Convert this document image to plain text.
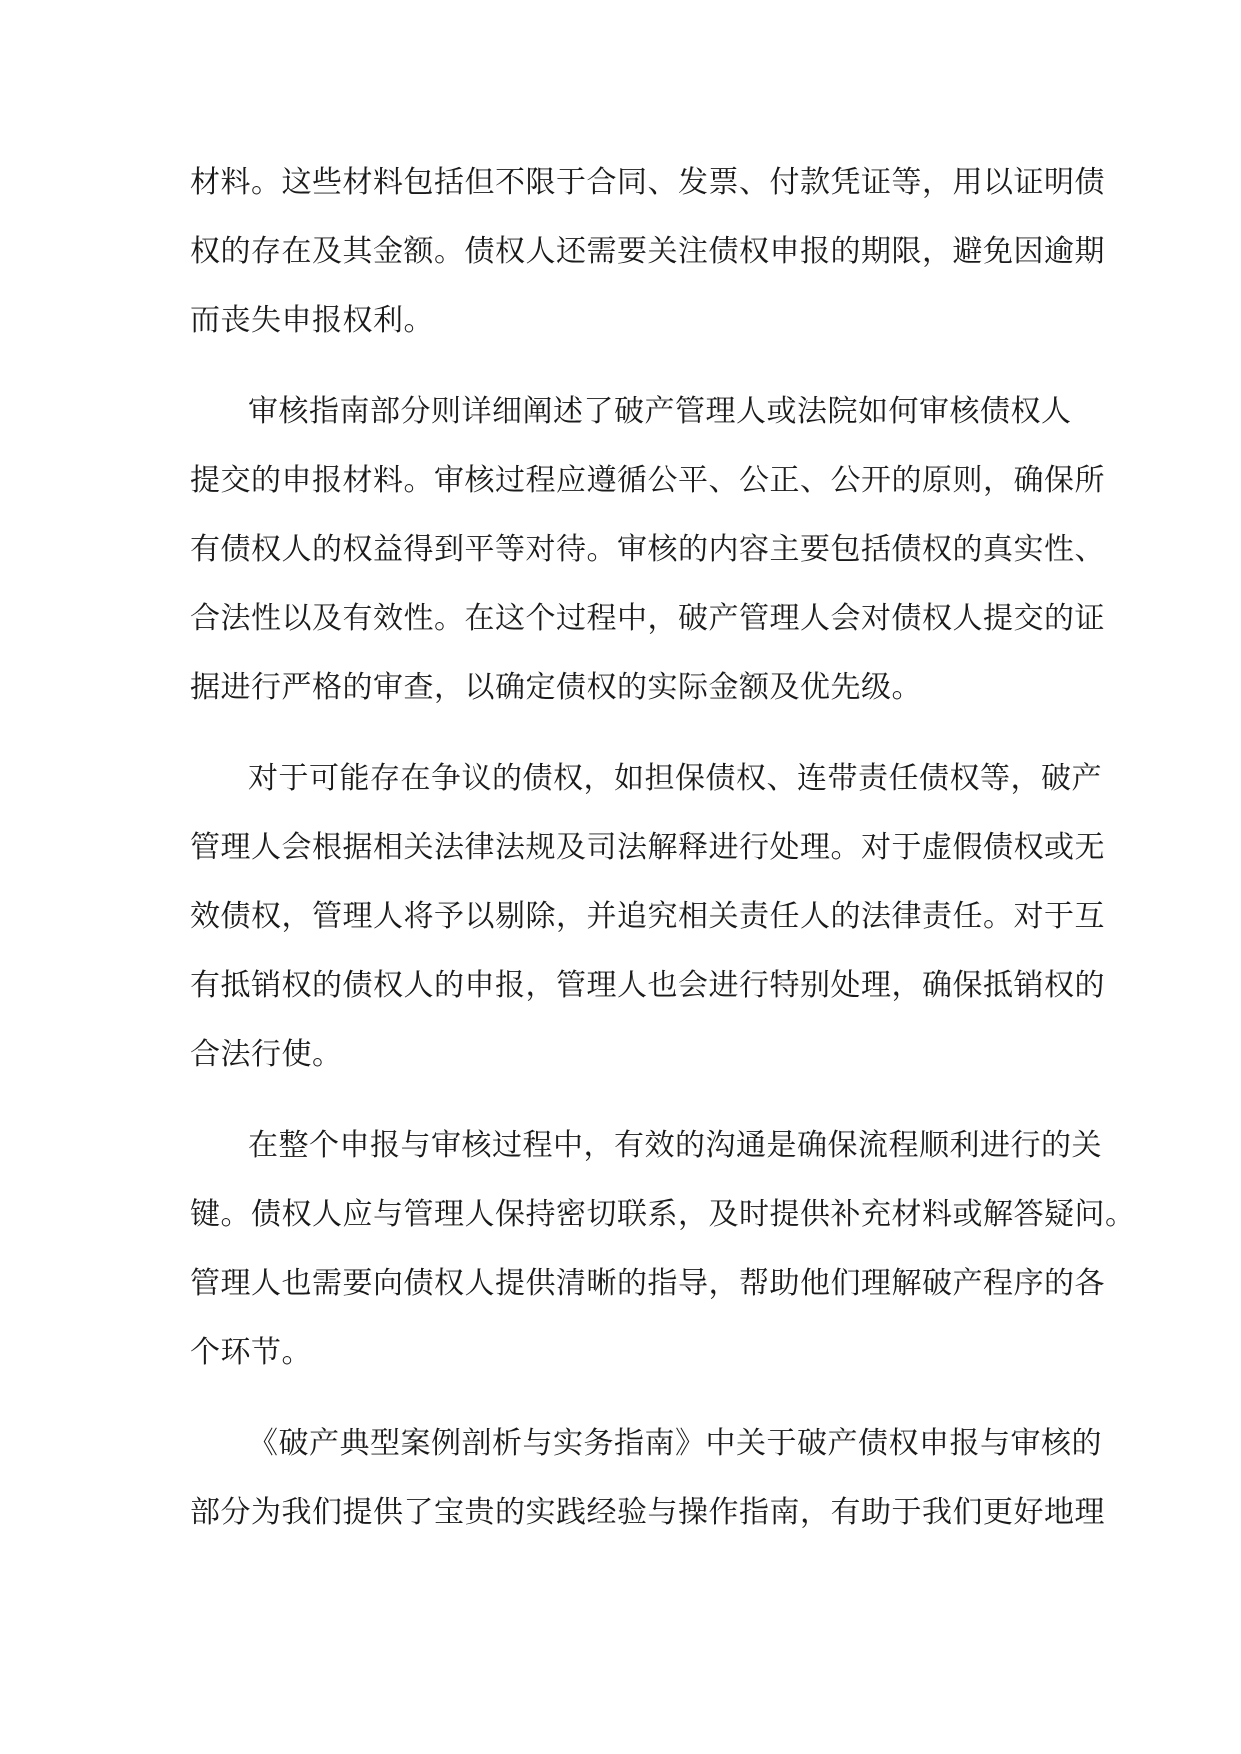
材料。这些材料包括但不限于合同、发票、付款凭证等，用以证明债
权的存在及其金额。债权人还需要关注债权申报的期限，避免因逾期
而丧失申报权利。
审核指南部分则详细阐述了破产管理人或法院如何审核债权人
提交的申报材料。审核过程应遵循公平、公正、公开的原则，确保所
有债权人的权益得到平等对待。审核的内容主要包括债权的真实性、
合法性以及有效性。在这个过程中，破产管理人会对债权人提交的证
据进行严格的审查，以确定债权的实际金额及优先级。
对于可能存在争议的债权，如担保债权、连带责任债权等，破产
管理人会根据相关法律法规及司法解释进行处理。对于虚假债权或无
效债权，管理人将予以剔除，并追究相关责任人的法律责任。对于互
有抵销权的债权人的申报，管理人也会进行特别处理，确保抵销权的
合法行使。
在整个申报与审核过程中，有效的沟通是确保流程顺利进行的关
键。债权人应与管理人保持密切联系，及时提供补充材料或解答疑问。
管理人也需要向债权人提供清晰的指导，帮助他们理解破产程序的各
个环节。
《破产典型案例剖析与实务指南》中关于破产债权申报与审核的
部分为我们提供了宝贵的实践经验与操作指南，有助于我们更好地理
